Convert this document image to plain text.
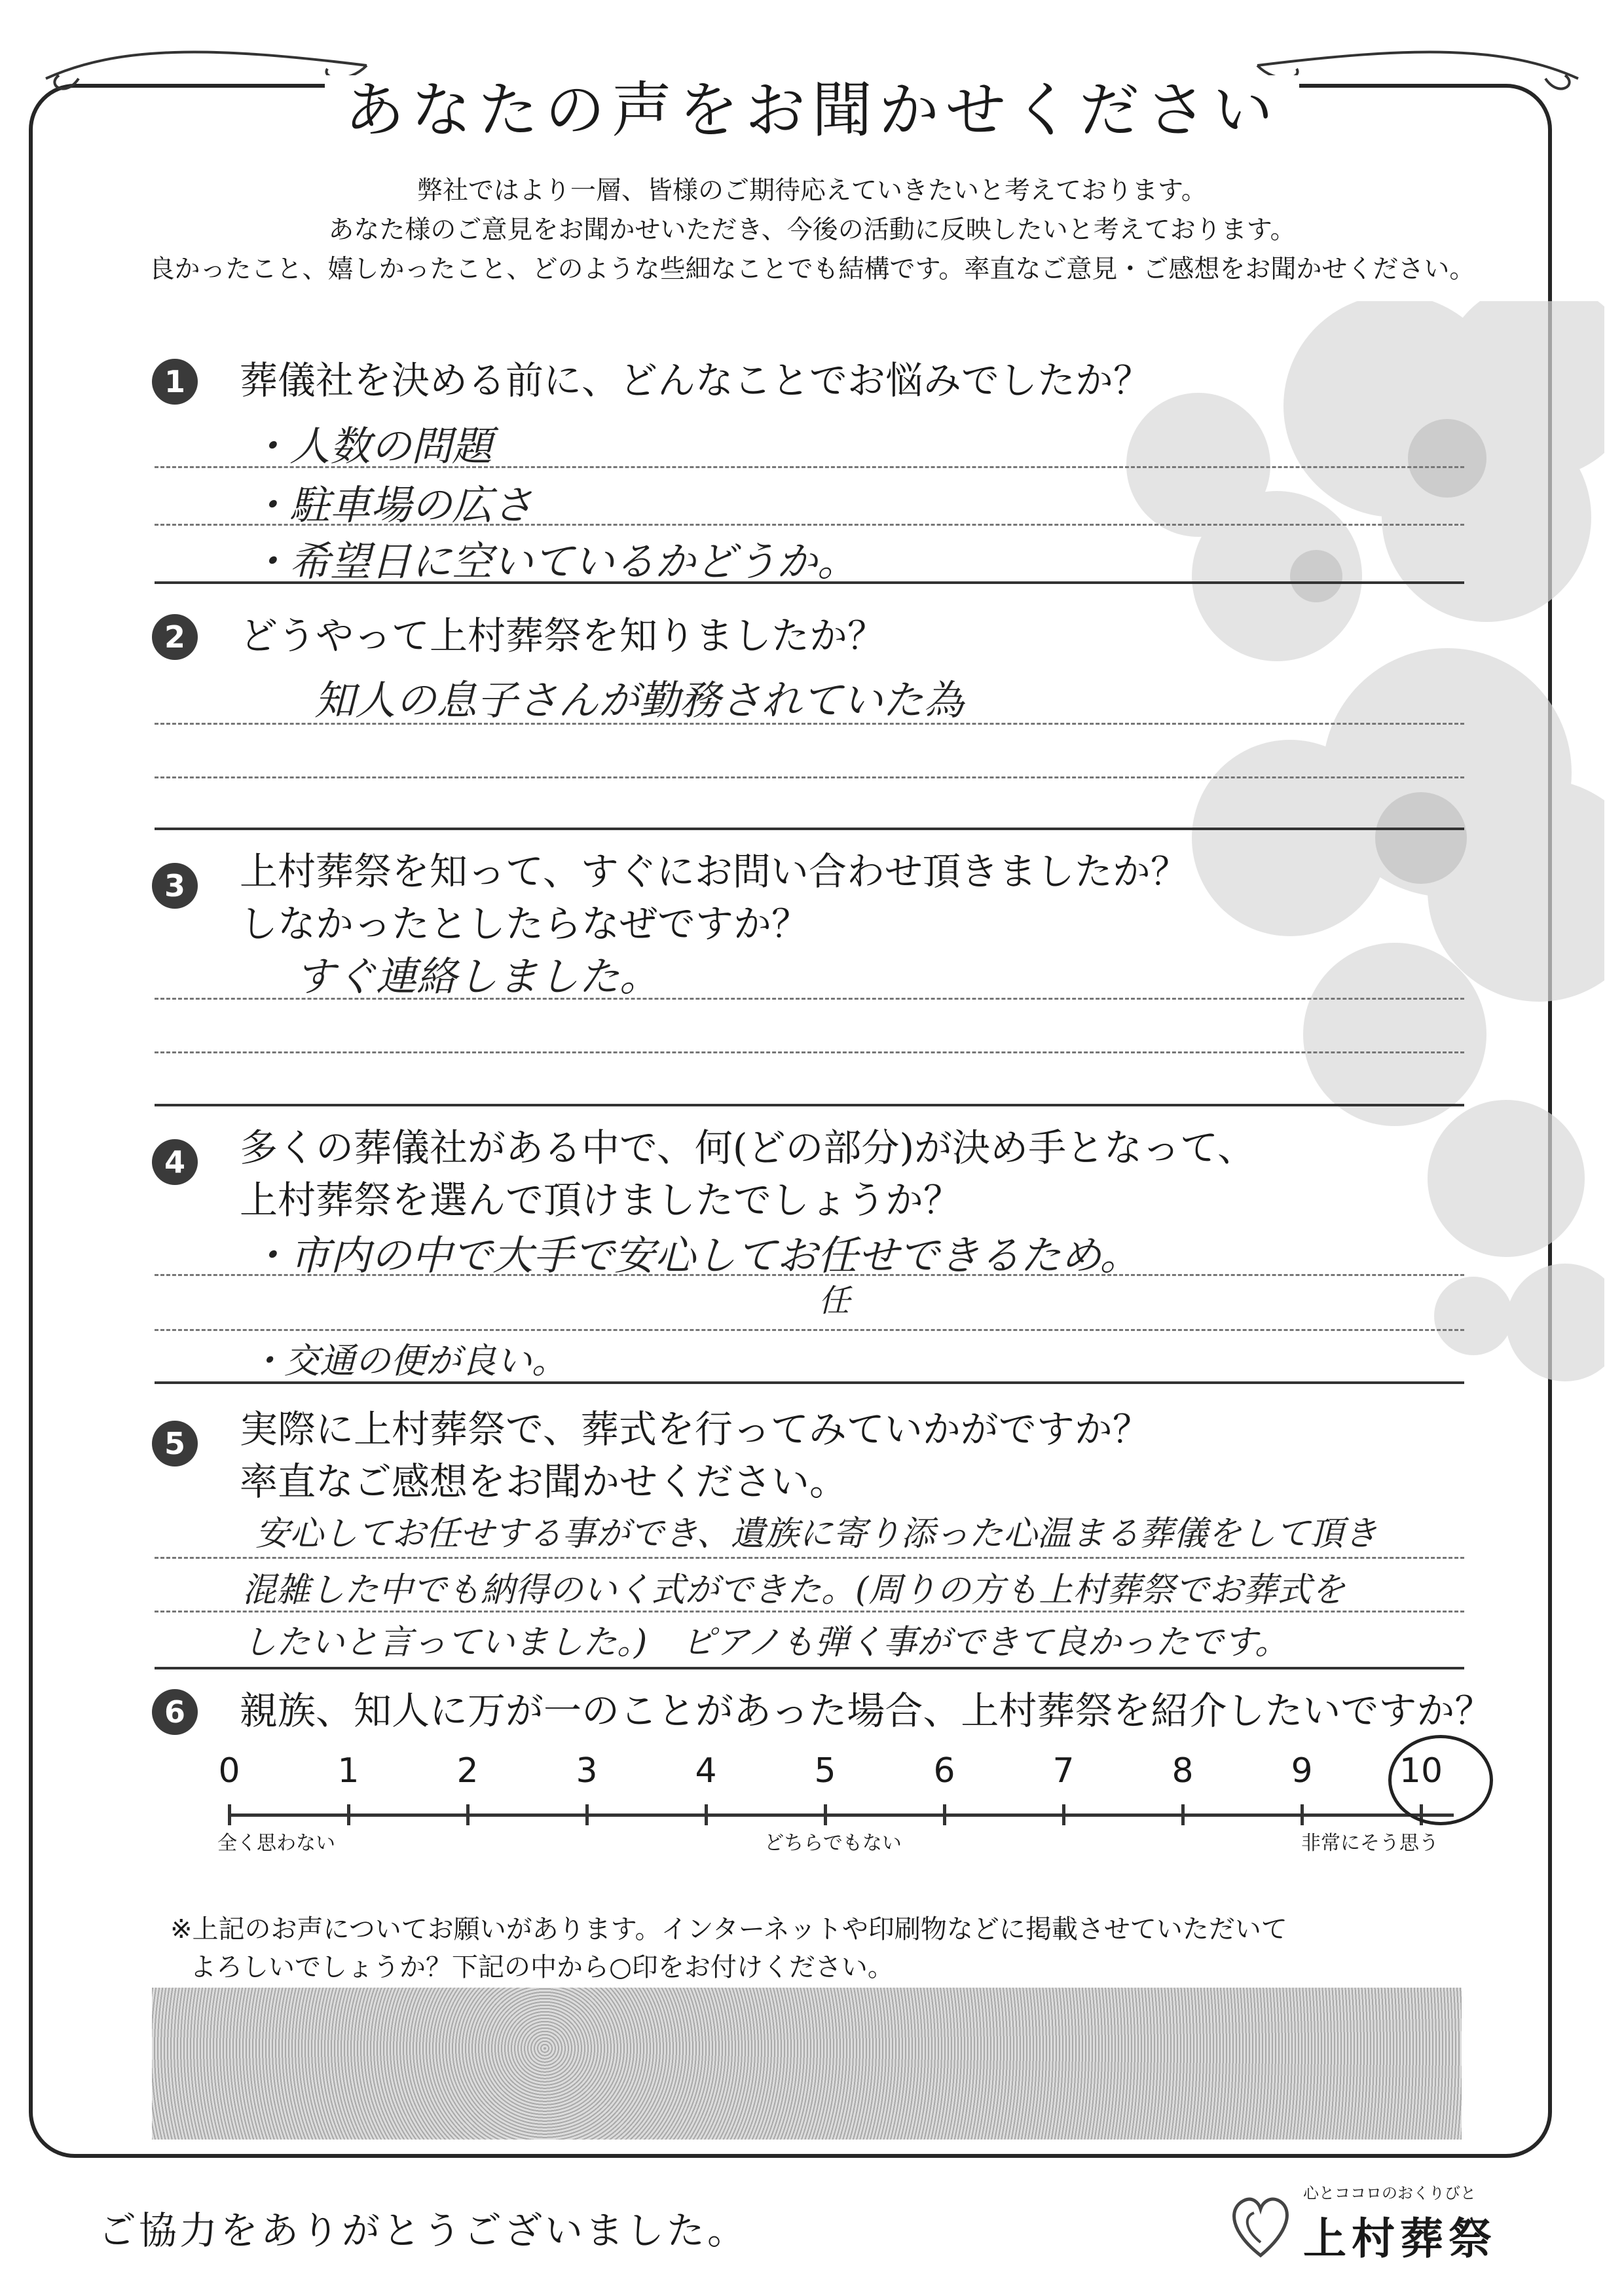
あなたの声をお聞かせください
弊社ではより一層、皆様のご期待応えていきたいと考えております。
あなた様のご意見をお聞かせいただき、今後の活動に反映したいと考えております。
良かったこと、嬉しかったこと、どのような些細なことでも結構です。率直なご意見・ご感想をお聞かせください。
1	葬儀社を決める前に、どんなことでお悩みでしたか？
・人数の問題
・駐車場の広さ
・希望日に空いているかどうか。
2	どうやって上村葬祭を知りましたか？
知人の息子さんが勤務されていた為
3	上村葬祭を知って、すぐにお問い合わせ頂きましたか？
しなかったとしたらなぜですか？
すぐ連絡しました。
4	多くの葬儀社がある中で、何(どの部分)が決め手となって、
上村葬祭を選んで頂けましたでしょうか？
・市内の中で大手で安心してお任せできるため。
任
・交通の便が良い。
5	実際に上村葬祭で、葬式を行ってみていかがですか？
率直なご感想をお聞かせください。
安心してお任せする事ができ、遺族に寄り添った心温まる葬儀をして頂き
混雑した中でも納得のいく式ができた。(周りの方も上村葬祭でお葬式を
したいと言っていました。)　ピアノも弾く事ができて良かったです。
6	親族、知人に万が一のことがあった場合、上村葬祭を紹介したいですか？
0	1	2	3	4	5	6	7	8	9	10
全く思わない	どちらでもない	非常にそう思う
※上記のお声についてお願いがあります。インターネットや印刷物などに掲載させていただいて
よろしいでしょうか？下記の中から○印をお付けください。
ご協力をありがとうございました。
心とココロのおくりびと
上村葬祭
